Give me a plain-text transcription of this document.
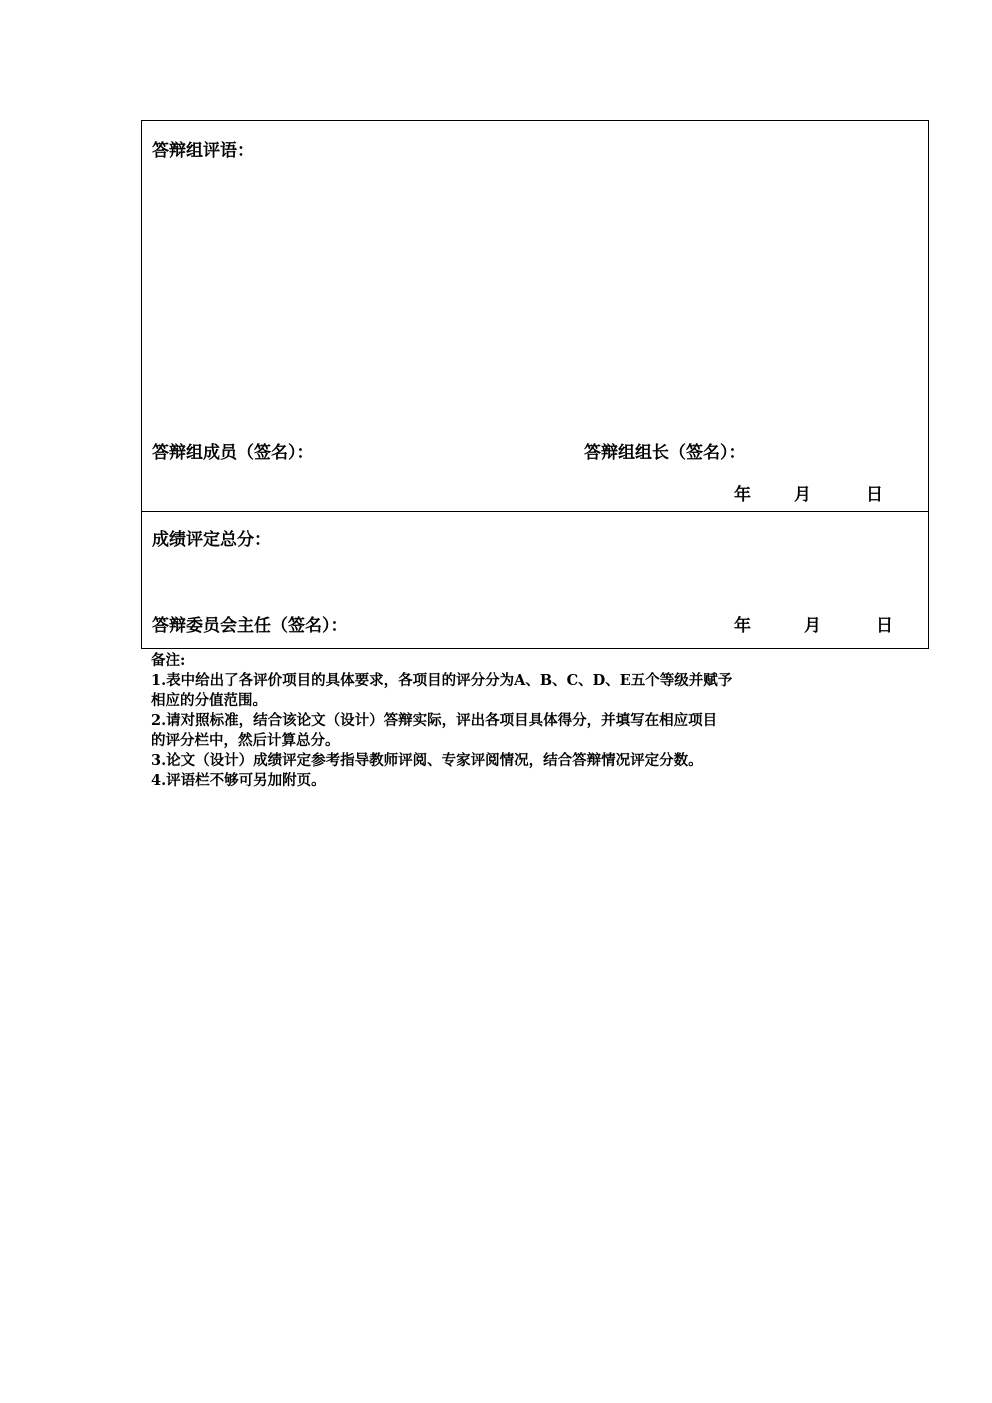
答辩组评语：
答辩组成员（签名）：	答辩组组长（签名）：
年	月	日
成绩评定总分：
答辩委员会主任（签名）：	年	月	日
备注:
1.表中给出了各评价项目的具体要求，各项目的评分分为A、B、C、D、E五个等级并赋予
相应的分值范围。
2.请对照标准，结合该论文（设计）答辩实际，评出各项目具体得分，并填写在相应项目
的评分栏中，然后计算总分。
3.论文（设计）成绩评定参考指导教师评阅、专家评阅情况，结合答辩情况评定分数。
4.评语栏不够可另加附页。
